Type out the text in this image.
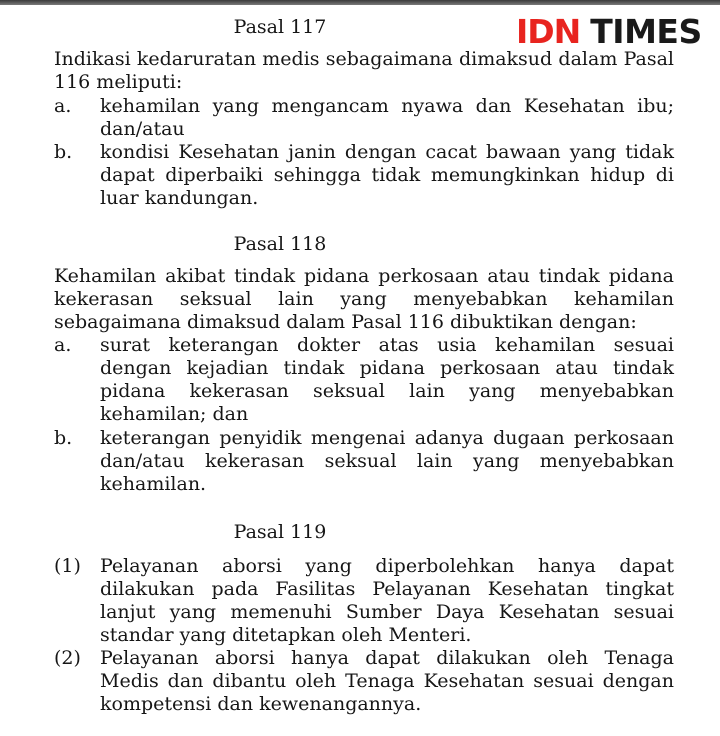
IDN TIMES
Pasal 117
Indikasi kedaruratan medis sebagaimana dimaksud dalam Pasal 116 meliputi:
a. kehamilan yang mengancam nyawa dan Kesehatan ibu; dan/atau
b. kondisi Kesehatan janin dengan cacat bawaan yang tidak dapat diperbaiki sehingga tidak memungkinkan hidup di luar kandungan.
Pasal 118
Kehamilan akibat tindak pidana perkosaan atau tindak pidana kekerasan seksual lain yang menyebabkan kehamilan sebagaimana dimaksud dalam Pasal 116 dibuktikan dengan:
a. surat keterangan dokter atas usia kehamilan sesuai dengan kejadian tindak pidana perkosaan atau tindak pidana kekerasan seksual lain yang menyebabkan kehamilan; dan
b. keterangan penyidik mengenai adanya dugaan perkosaan dan/atau kekerasan seksual lain yang menyebabkan kehamilan.
Pasal 119
(1) Pelayanan aborsi yang diperbolehkan hanya dapat dilakukan pada Fasilitas Pelayanan Kesehatan tingkat lanjut yang memenuhi Sumber Daya Kesehatan sesuai standar yang ditetapkan oleh Menteri.
(2) Pelayanan aborsi hanya dapat dilakukan oleh Tenaga Medis dan dibantu oleh Tenaga Kesehatan sesuai dengan kompetensi dan kewenangannya.
